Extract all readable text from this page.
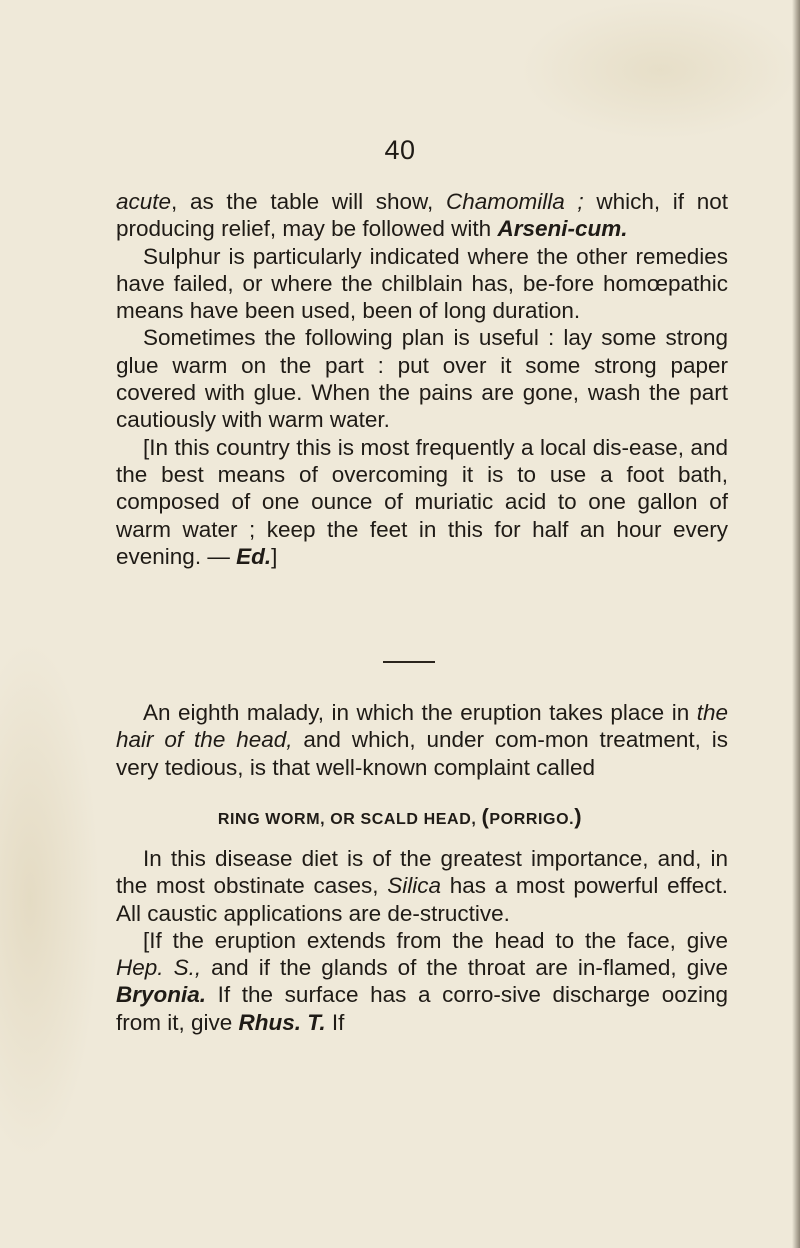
40

acute, as the table will show, Chamomilla ; which, if not producing relief, may be followed with Arseni-cum.

Sulphur is particularly indicated where the other remedies have failed, or where the chilblain has, be-fore homœpathic means have been used, been of long duration.

Sometimes the following plan is useful : lay some strong glue warm on the part : put over it some strong paper covered with glue. When the pains are gone, wash the part cautiously with warm water.

[In this country this is most frequently a local dis-ease, and the best means of overcoming it is to use a foot bath, composed of one ounce of muriatic acid to one gallon of warm water ; keep the feet in this for half an hour every evening. — Ed.]

An eighth malady, in which the eruption takes place in the hair of the head, and which, under com-mon treatment, is very tedious, is that well-known complaint called

RING WORM, OR SCALD HEAD, (PORRIGO.)

In this disease diet is of the greatest importance, and, in the most obstinate cases, Silica has a most powerful effect. All caustic applications are de-structive.

[If the eruption extends from the head to the face, give Hep. S., and if the glands of the throat are in-flamed, give Bryonia. If the surface has a corro-sive discharge oozing from it, give Rhus. T. If
